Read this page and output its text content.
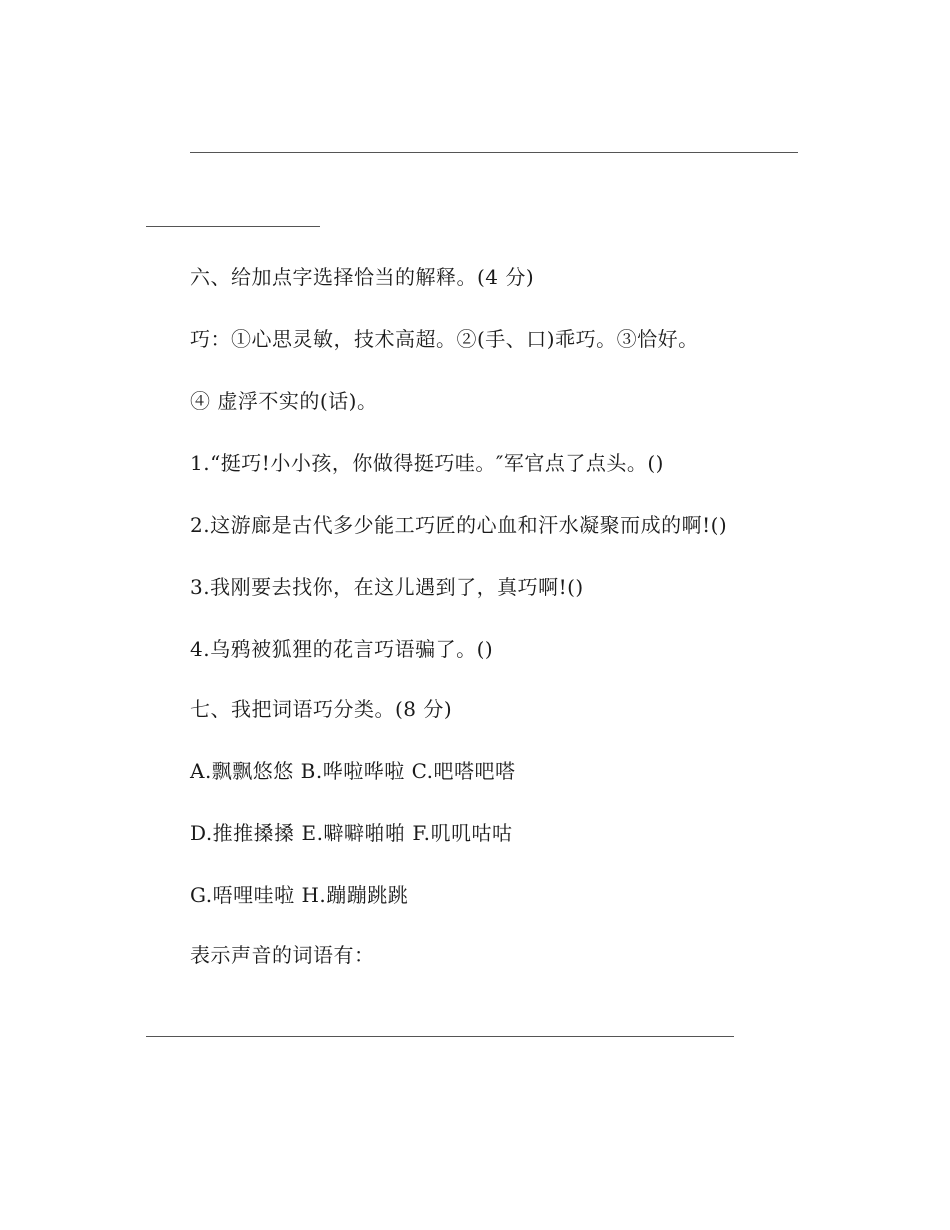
六、给加点字选择恰当的解释。(4 分)
巧：①心思灵敏，技术高超。②(手、口)乖巧。③恰好。
④ 虚浮不实的(话)。
1.“挺巧!小小孩，你做得挺巧哇。″军官点了点头。()
2.这游廊是古代多少能工巧匠的心血和汗水凝聚而成的啊!()
3.我刚要去找你，在这儿遇到了，真巧啊!()
4.乌鸦被狐狸的花言巧语骗了。()
七、我把词语巧分类。(8 分)
A.飘飘悠悠 B.哗啦哗啦 C.吧嗒吧嗒
D.推推搡搡 E.噼噼啪啪 F.叽叽咕咕
G.唔哩哇啦 H.蹦蹦跳跳
表示声音的词语有：
